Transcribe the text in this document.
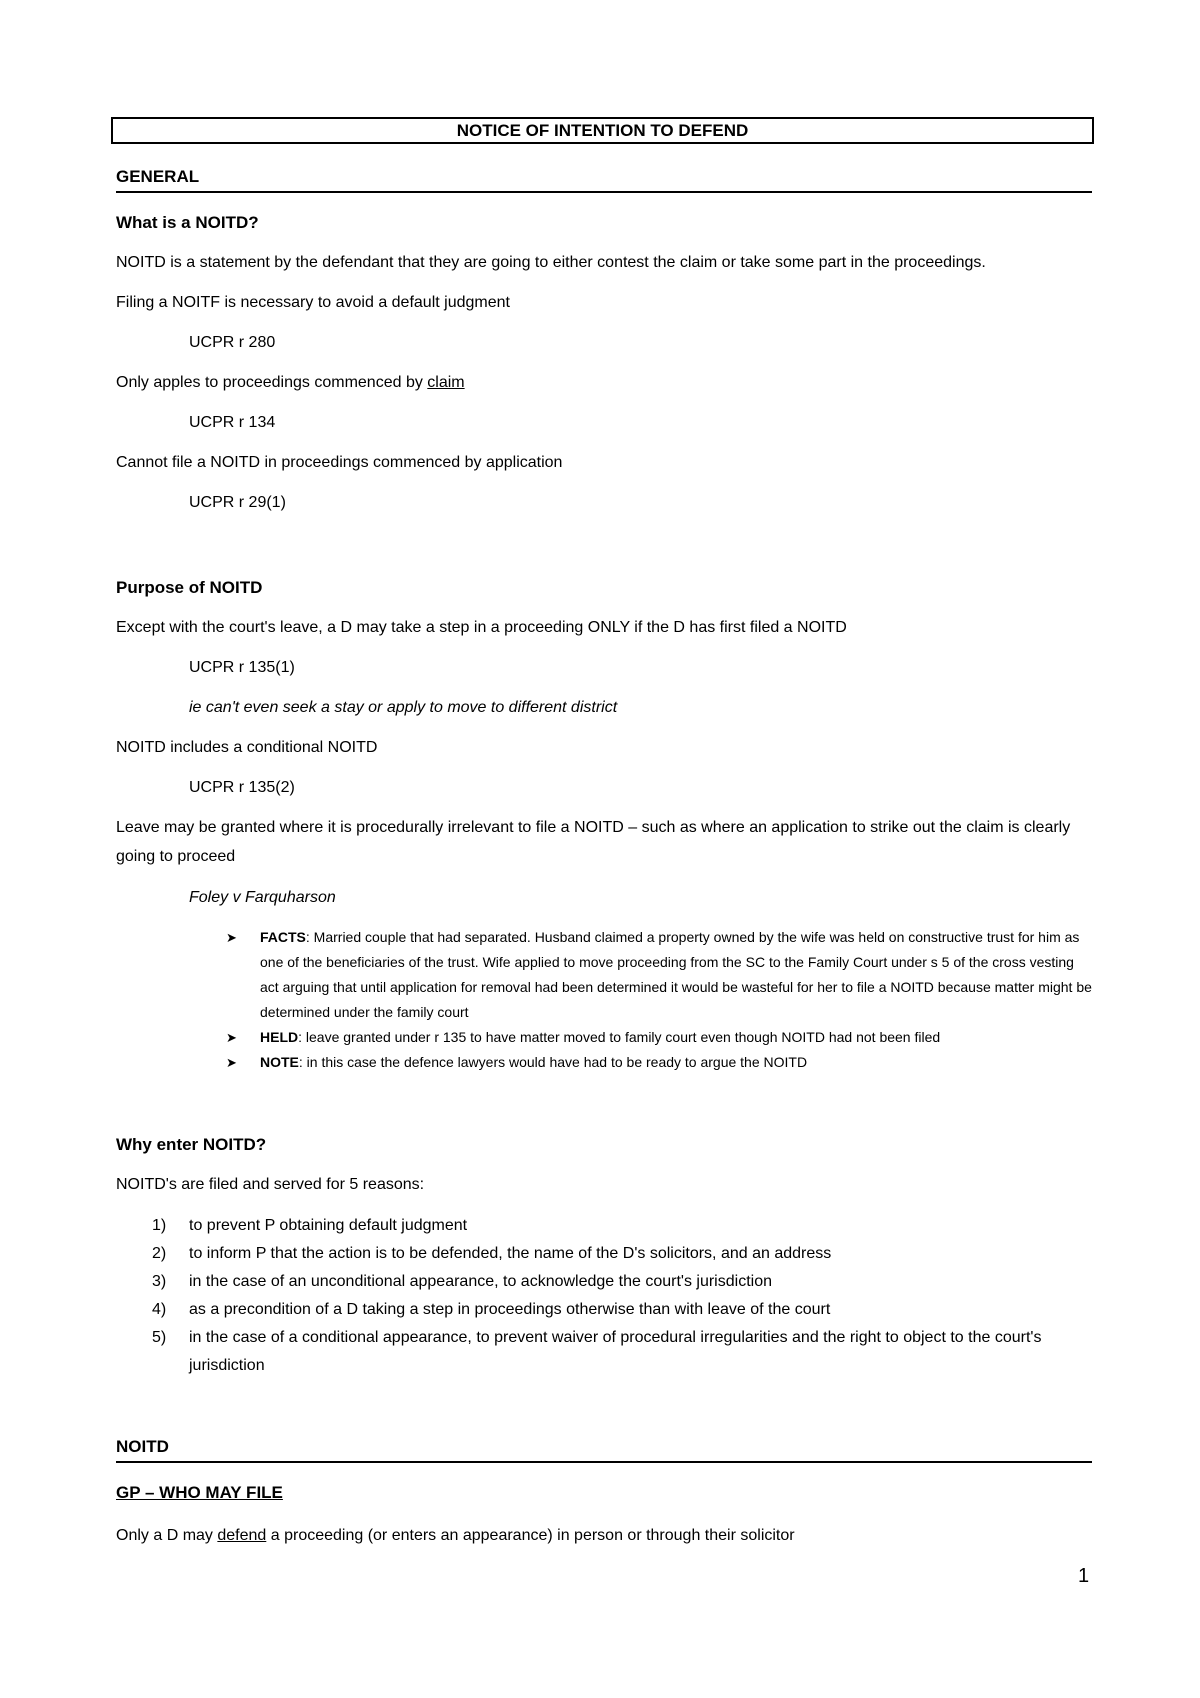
NOTICE OF INTENTION TO DEFEND
GENERAL
What is a NOITD?
NOITD is a statement by the defendant that they are going to either contest the claim or take some part in the proceedings.
Filing a NOITF is necessary to avoid a default judgment
UCPR r 280
Only apples to proceedings commenced by claim
UCPR r 134
Cannot file a NOITD in proceedings commenced by application
UCPR r 29(1)
Purpose of NOITD
Except with the court's leave, a D may take a step in a proceeding ONLY if the D has first filed a NOITD
UCPR r 135(1)
ie can't even seek a stay or apply to move to different district
NOITD includes a conditional NOITD
UCPR r 135(2)
Leave may be granted where it is procedurally irrelevant to file a NOITD – such as where an application to strike out the claim is clearly going to proceed
Foley v Farquharson
➤ FACTS: Married couple that had separated. Husband claimed a property owned by the wife was held on constructive trust for him as one of the beneficiaries of the trust. Wife applied to move proceeding from the SC to the Family Court under s 5 of the cross vesting act arguing that until application for removal had been determined it would be wasteful for her to file a NOITD because matter might be determined under the family court
➤ HELD: leave granted under r 135 to have matter moved to family court even though NOITD had not been filed
➤ NOTE: in this case the defence lawyers would have had to be ready to argue the NOITD
Why enter NOITD?
NOITD's are filed and served for 5 reasons:
1) to prevent P obtaining default judgment
2) to inform P that the action is to be defended, the name of the D's solicitors, and an address
3) in the case of an unconditional appearance, to acknowledge the court's jurisdiction
4) as a precondition of a D taking a step in proceedings otherwise than with leave of the court
5) in the case of a conditional appearance, to prevent waiver of procedural irregularities and the right to object to the court's jurisdiction
NOITD
GP – WHO MAY FILE
Only a D may defend a proceeding (or enters an appearance) in person or through their solicitor
1
